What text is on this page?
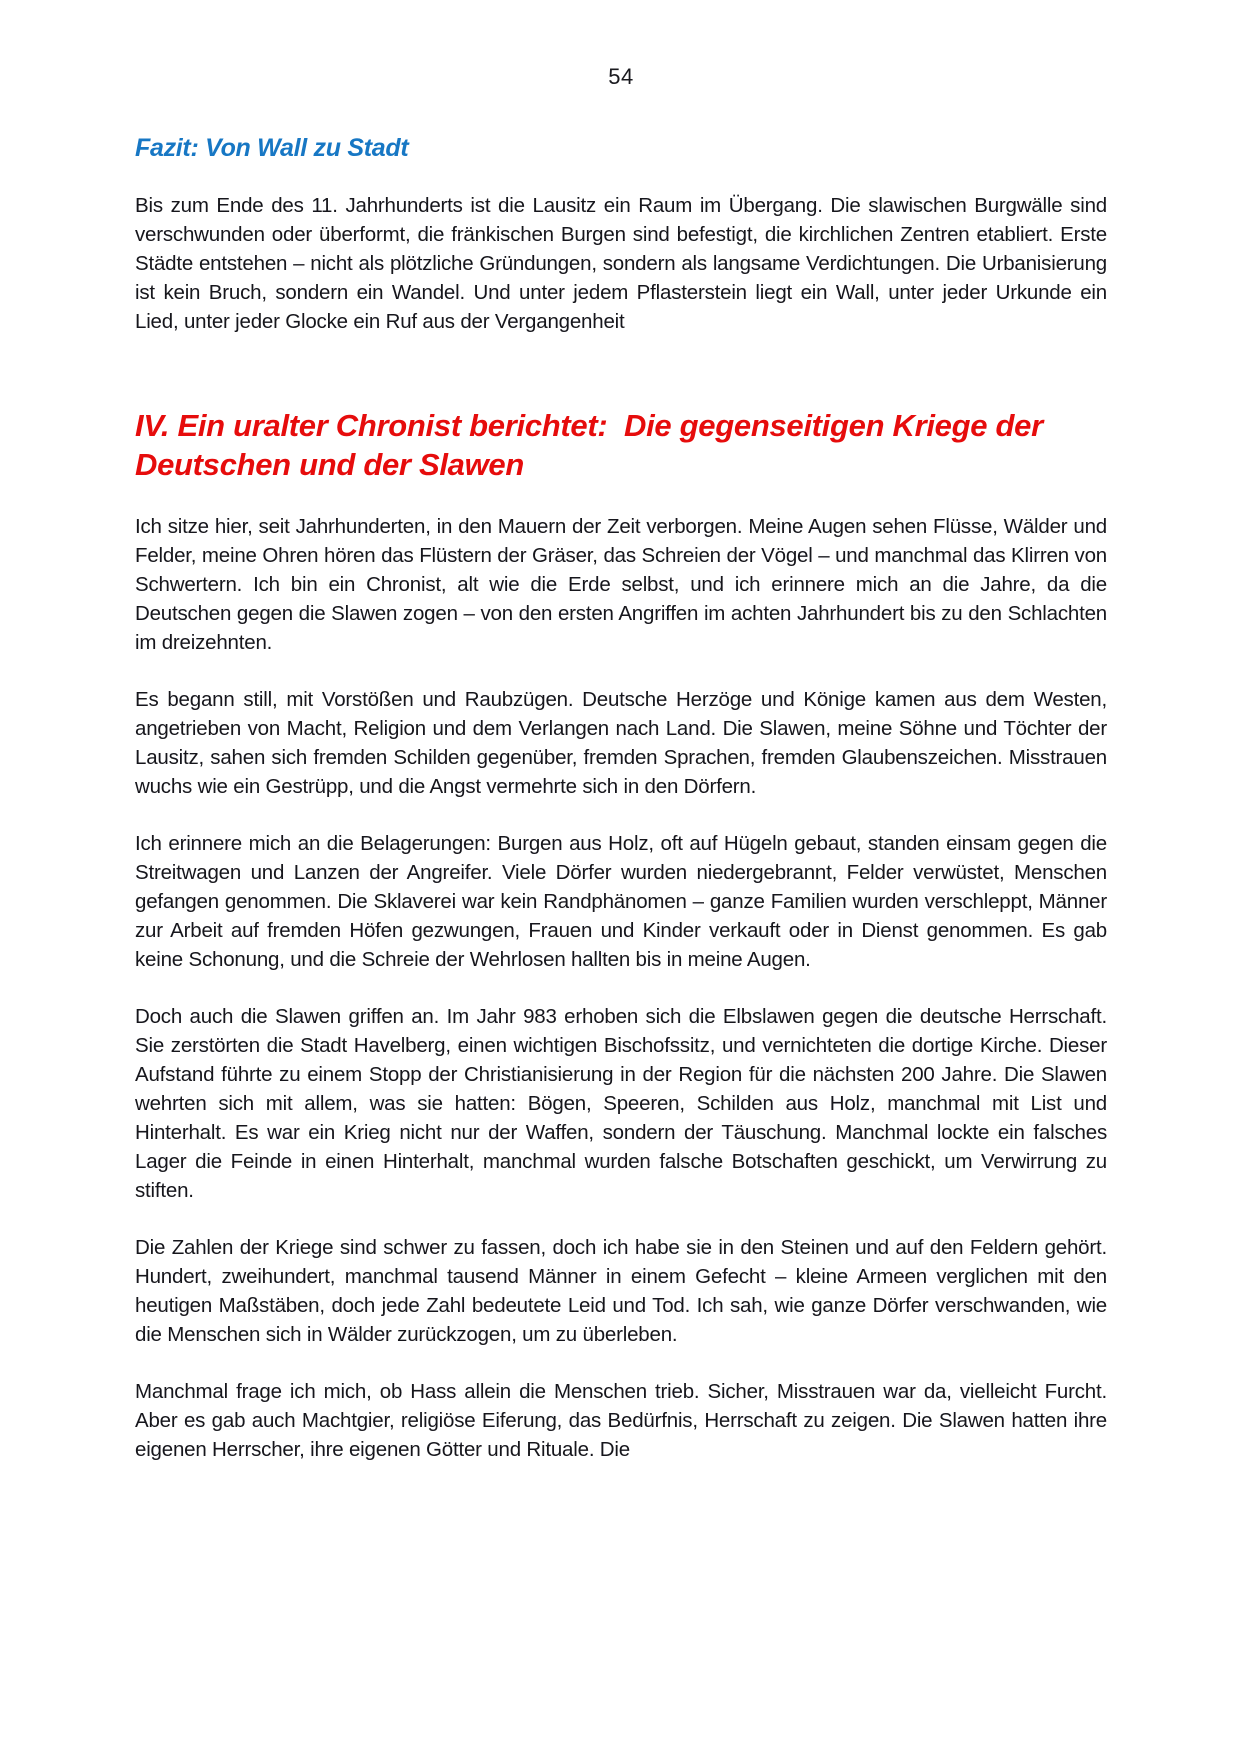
54
Fazit: Von Wall zu Stadt

Bis zum Ende des 11. Jahrhunderts ist die Lausitz ein Raum im Übergang. Die slawischen Burgwälle sind verschwunden oder überformt, die fränkischen Burgen sind befestigt, die kirchlichen Zentren etabliert. Erste Städte entstehen – nicht als plötzliche Gründungen, sondern als langsame Verdichtungen. Die Urbanisierung ist kein Bruch, sondern ein Wandel. Und unter jedem Pflasterstein liegt ein Wall, unter jeder Urkunde ein Lied, unter jeder Glocke ein Ruf aus der Vergangenheit

IV. Ein uralter Chronist berichtet:  Die gegenseitigen Kriege der Deutschen und der Slawen

Ich sitze hier, seit Jahrhunderten, in den Mauern der Zeit verborgen. Meine Augen sehen Flüsse, Wälder und Felder, meine Ohren hören das Flüstern der Gräser, das Schreien der Vögel – und manchmal das Klirren von Schwertern. Ich bin ein Chronist, alt wie die Erde selbst, und ich erinnere mich an die Jahre, da die Deutschen gegen die Slawen zogen – von den ersten Angriffen im achten Jahrhundert bis zu den Schlachten im dreizehnten.

Es begann still, mit Vorstößen und Raubzügen. Deutsche Herzöge und Könige kamen aus dem Westen, angetrieben von Macht, Religion und dem Verlangen nach Land. Die Slawen, meine Söhne und Töchter der Lausitz, sahen sich fremden Schilden gegenüber, fremden Sprachen, fremden Glaubenszeichen. Misstrauen wuchs wie ein Gestrüpp, und die Angst vermehrte sich in den Dörfern.

Ich erinnere mich an die Belagerungen: Burgen aus Holz, oft auf Hügeln gebaut, standen einsam gegen die Streitwagen und Lanzen der Angreifer. Viele Dörfer wurden niedergebrannt, Felder verwüstet, Menschen gefangen genommen. Die Sklaverei war kein Randphänomen – ganze Familien wurden verschleppt, Männer zur Arbeit auf fremden Höfen gezwungen, Frauen und Kinder verkauft oder in Dienst genommen. Es gab keine Schonung, und die Schreie der Wehrlosen hallten bis in meine Augen.

Doch auch die Slawen griffen an. Im Jahr 983 erhoben sich die Elbslawen gegen die deutsche Herrschaft. Sie zerstörten die Stadt Havelberg, einen wichtigen Bischofssitz, und vernichteten die dortige Kirche. Dieser Aufstand führte zu einem Stopp der Christianisierung in der Region für die nächsten 200 Jahre. Die Slawen wehrten sich mit allem, was sie hatten: Bögen, Speeren, Schilden aus Holz, manchmal mit List und Hinterhalt. Es war ein Krieg nicht nur der Waffen, sondern der Täuschung. Manchmal lockte ein falsches Lager die Feinde in einen Hinterhalt, manchmal wurden falsche Botschaften geschickt, um Verwirrung zu stiften.

Die Zahlen der Kriege sind schwer zu fassen, doch ich habe sie in den Steinen und auf den Feldern gehört. Hundert, zweihundert, manchmal tausend Männer in einem Gefecht – kleine Armeen verglichen mit den heutigen Maßstäben, doch jede Zahl bedeutete Leid und Tod. Ich sah, wie ganze Dörfer verschwanden, wie die Menschen sich in Wälder zurückzogen, um zu überleben.

Manchmal frage ich mich, ob Hass allein die Menschen trieb. Sicher, Misstrauen war da, vielleicht Furcht. Aber es gab auch Machtgier, religiöse Eiferung, das Bedürfnis, Herrschaft zu zeigen. Die Slawen hatten ihre eigenen Herrscher, ihre eigenen Götter und Rituale. Die
